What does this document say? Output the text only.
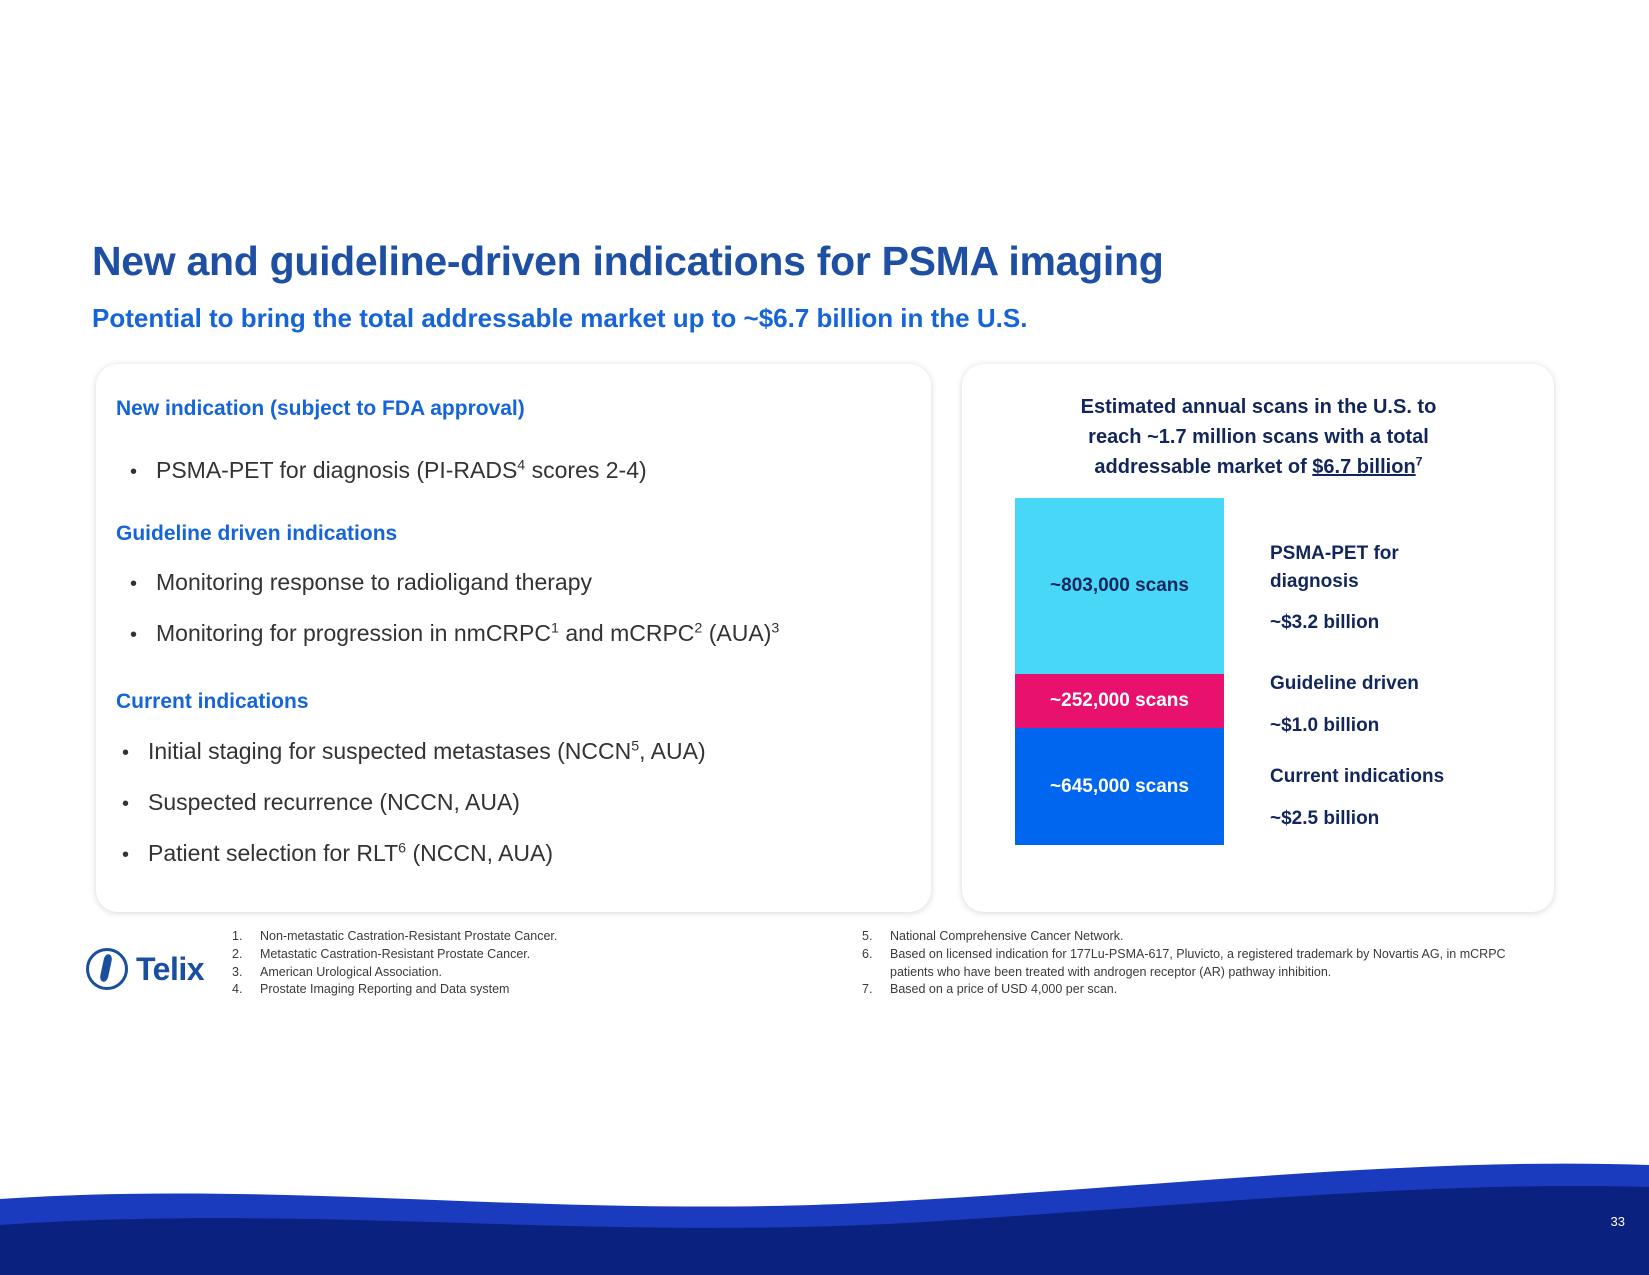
New and guideline-driven indications for PSMA imaging
Potential to bring the total addressable market up to ~$6.7 billion in the U.S.
New indication (subject to FDA approval)
• PSMA-PET for diagnosis (PI-RADS$^4$ scores 2-4)
Guideline driven indications
• Monitoring response to radioligand therapy
• Monitoring for progression in nmCRPC$^1$ and mCRPC$^2$ (AUA)$^3$
Current indications
• Initial staging for suspected metastases (NCCN$^5$, AUA)
• Suspected recurrence (NCCN, AUA)
• Patient selection for RLT$^6$ (NCCN, AUA)
Estimated annual scans in the U.S. to
reach ~1.7 million scans with a total
addressable market of $6.7 billion$^7$
~803,000 scans
~252,000 scans
~645,000 scans
PSMA-PET for
diagnosis
~$3.2 billion
Guideline driven
~$1.0 billion
Current indications
~$2.5 billion
1.	Non-metastatic Castration-Resistant Prostate Cancer.
2.	Metastatic Castration-Resistant Prostate Cancer.
3.	American Urological Association.
4.	Prostate Imaging Reporting and Data system
5.	National Comprehensive Cancer Network.
6.	Based on licensed indication for 177Lu-PSMA-617, Pluvicto, a registered trademark by Novartis AG, in mCRPC patients who have been treated with androgen receptor (AR) pathway inhibition.
7.	Based on a price of USD 4,000 per scan.
Telix
33
